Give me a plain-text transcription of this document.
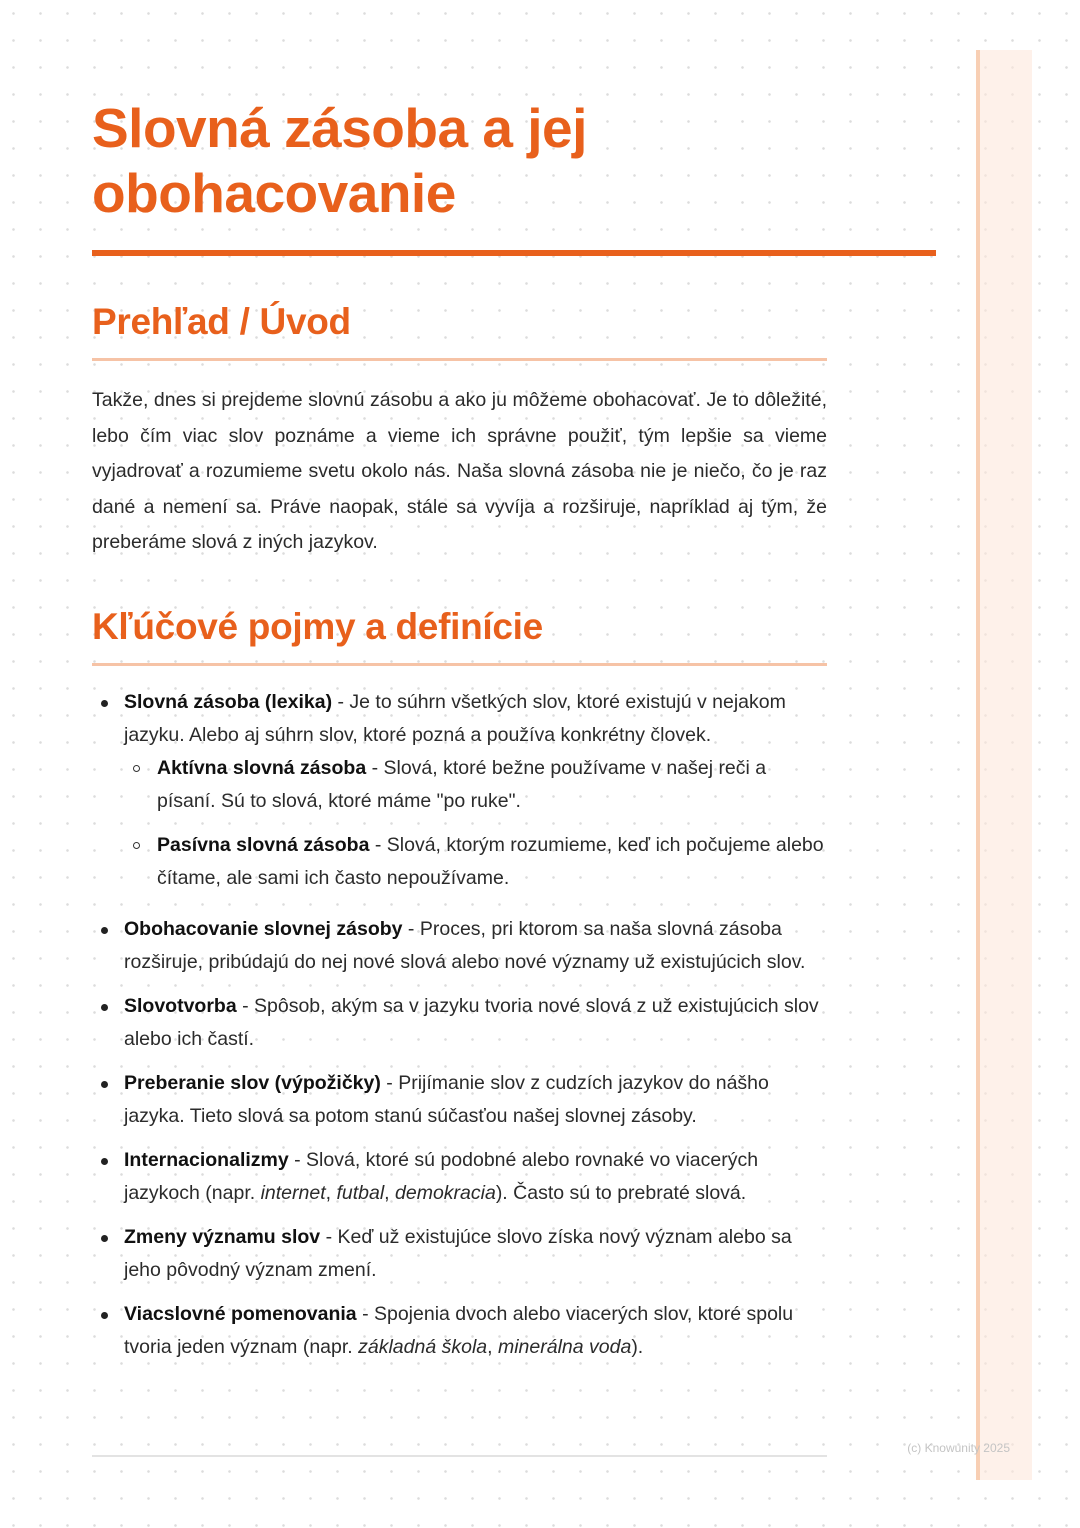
Slovná zásoba a jej obohacovanie
Prehľad / Úvod

Takže, dnes si prejdeme slovnú zásobu a ako ju môžeme obohacovať. Je to dôležité, lebo čím viac slov poznáme a vieme ich správne použiť, tým lepšie sa vieme vyjadrovať a rozumieme svetu okolo nás. Naša slovná zásoba nie je niečo, čo je raz dané a nemení sa. Práve naopak, stále sa vyvíja a rozširuje, napríklad aj tým, že preberáme slová z iných jazykov.

Kľúčové pojmy a definície
Slovná zásoba (lexika) - Je to súhrn všetkých slov, ktoré existujú v nejakom jazyku. Alebo aj súhrn slov, ktoré pozná a používa konkrétny človek.
Aktívna slovná zásoba - Slová, ktoré bežne používame v našej reči a písaní. Sú to slová, ktoré máme "po ruke".
Pasívna slovná zásoba - Slová, ktorým rozumieme, keď ich počujeme alebo čítame, ale sami ich často nepoužívame.
Obohacovanie slovnej zásoby - Proces, pri ktorom sa naša slovná zásoba rozširuje, pribúdajú do nej nové slová alebo nové významy už existujúcich slov.
Slovotvorba - Spôsob, akým sa v jazyku tvoria nové slová z už existujúcich slov alebo ich častí.
Preberanie slov (výpožičky) - Prijímanie slov z cudzích jazykov do nášho jazyka. Tieto slová sa potom stanú súčasťou našej slovnej zásoby.
Internacionalizmy - Slová, ktoré sú podobné alebo rovnaké vo viacerých jazykoch (napr. internet, futbal, demokracia). Často sú to prebraté slová.
Zmeny významu slov - Keď už existujúce slovo získa nový význam alebo sa jeho pôvodný význam zmení.
Viacslovné pomenovania - Spojenia dvoch alebo viacerých slov, ktoré spolu tvoria jeden význam (napr. základná škola, minerálna voda).
(c) Knowunity 2025
